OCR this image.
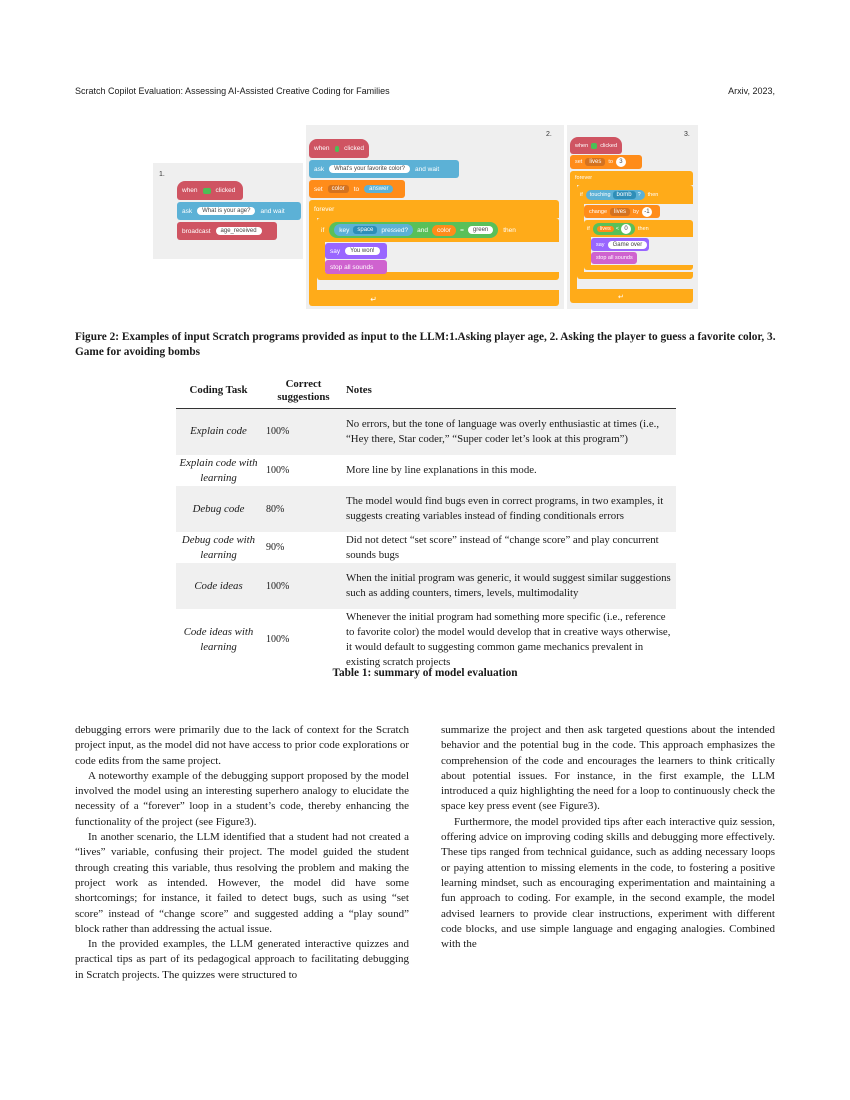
Scratch Copilot Evaluation: Assessing AI-Assisted Creative Coding for Families	Arxiv, 2023,
1.
when	clicked
ask	What is your age?	and wait
broadcast	age_received
2.
when clicked
ask	What's your favorite color?	and wait
set	color	to	answer
forever
if key	space	pressed? and color =	green	then
say	You won!
stop all sounds
↵
3.
when clicked
set	lives	to	3
forever
if touching	bomb	? then
change	lives	by -1
if	lives < 0	then
say	Game over
stop all sounds
↵
Figure 2: Examples of input Scratch programs provided as input to the LLM:1.Asking player age, 2. Asking the player to guess a favorite color, 3. Game for avoiding bombs
Coding Task	Correct suggestions	Notes
Explain code	100%	No errors, but the tone of language was overly enthusiastic at times (i.e., “Hey there, Star coder,” “Super coder let’s look at this program”)
Explain code with learning	100%	More line by line explanations in this mode.
Debug code	80%	The model would find bugs even in correct programs, in two examples, it suggests creating variables instead of finding conditionals errors
Debug code with learning	90%	Did not detect “set score” instead of “change score” and play concurrent sounds bugs
Code ideas	100%	When the initial program was generic, it would suggest similar suggestions such as adding counters, timers, levels, multimodality
Code ideas with learning	100%	Whenever the initial program had something more specific (i.e., reference to favorite color) the model would develop that in creative ways otherwise, it would default to suggesting common game mechanics prevalent in existing scratch projects
Table 1: summary of model evaluation

debugging errors were primarily due to the lack of context for the Scratch project input, as the model did not have access to prior code explorations or code edits from the same project.

A noteworthy example of the debugging support proposed by the model involved the model using an interesting superhero analogy to elucidate the necessity of a “forever” loop in a student’s code, thereby enhancing the functionality of the project (see Figure3).

In another scenario, the LLM identified that a student had not created a “lives” variable, confusing their project. The model guided the student through creating this variable, thus resolving the problem and making the project work as intended. However, the model did have some shortcomings; for instance, it failed to detect bugs, such as using “set score” instead of “change score” and suggested adding a “play sound” block rather than addressing the actual issue.

In the provided examples, the LLM generated interactive quizzes and practical tips as part of its pedagogical approach to facilitating debugging in Scratch projects. The quizzes were structured to

summarize the project and then ask targeted questions about the intended behavior and the potential bug in the code. This approach emphasizes the comprehension of the code and encourages the learners to think critically about potential issues. For instance, in the first example, the LLM introduced a quiz highlighting the need for a loop to continuously check the space key press event (see Figure3).

Furthermore, the model provided tips after each interactive quiz session, offering advice on improving coding skills and debugging more effectively. These tips ranged from technical guidance, such as adding necessary loops or paying attention to missing elements in the code, to fostering a positive learning mindset, such as encouraging experimentation and maintaining a fun approach to coding. For example, in the second example, the model advised learners to provide clear instructions, experiment with different code blocks, and use simple language and engaging analogies. Combined with the
